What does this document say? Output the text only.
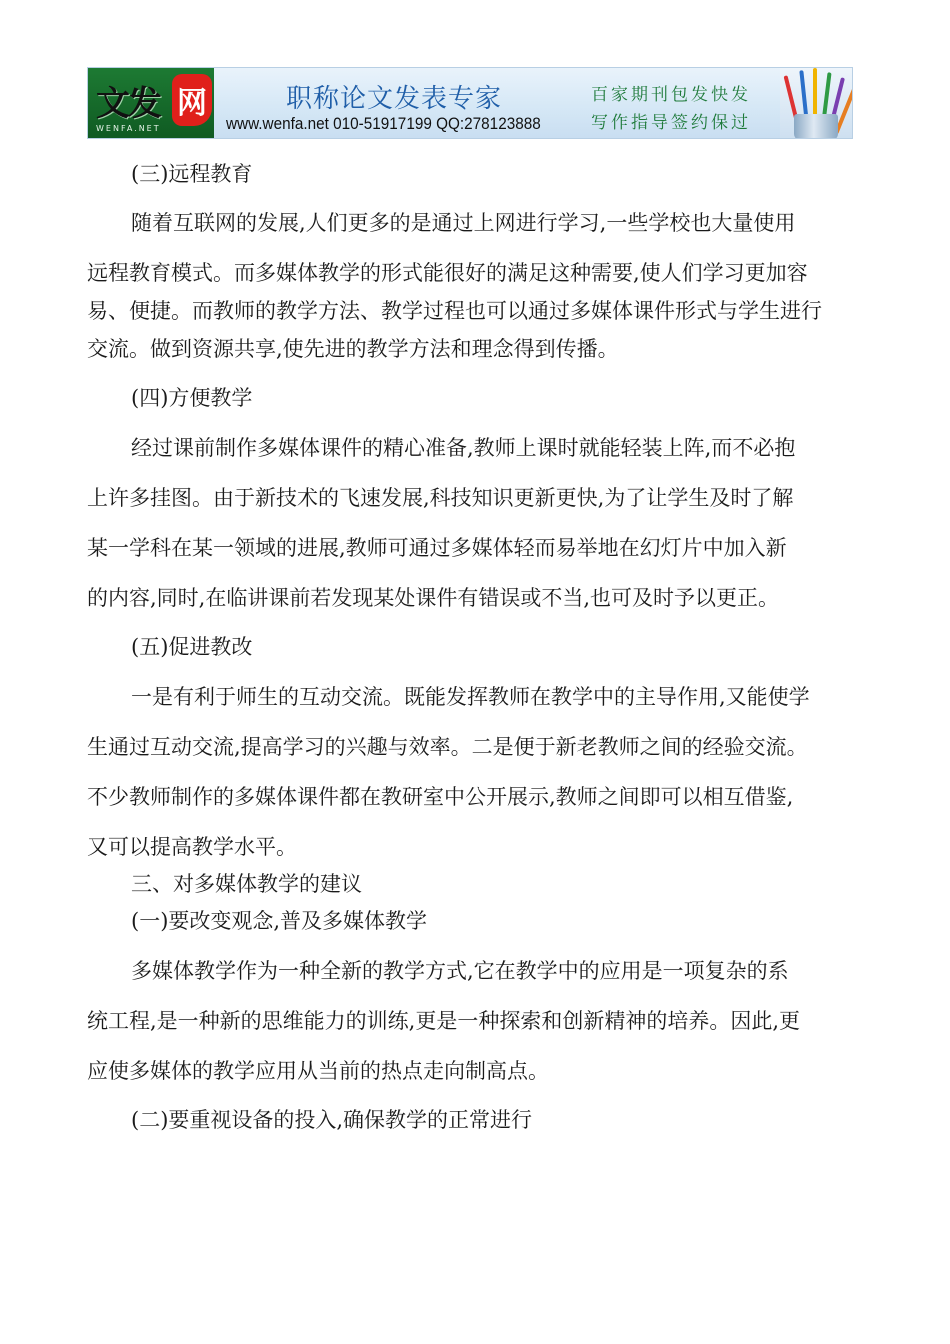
文发 网
WENFA.NET
职称论文发表专家
www.wenfa.net 010-51917199 QQ:278123888
百家期刊包发快发
写作指导签约保过

(三)远程教育

随着互联网的发展,人们更多的是通过上网进行学习,一些学校也大量使用

远程教育模式。而多媒体教学的形式能很好的满足这种需要,使人们学习更加容

易、便捷。而教师的教学方法、教学过程也可以通过多媒体课件形式与学生进行

交流。做到资源共享,使先进的教学方法和理念得到传播。

(四)方便教学

经过课前制作多媒体课件的精心准备,教师上课时就能轻装上阵,而不必抱

上许多挂图。由于新技术的飞速发展,科技知识更新更快,为了让学生及时了解

某一学科在某一领域的进展,教师可通过多媒体轻而易举地在幻灯片中加入新

的内容,同时,在临讲课前若发现某处课件有错误或不当,也可及时予以更正。

(五)促进教改

一是有利于师生的互动交流。既能发挥教师在教学中的主导作用,又能使学

生通过互动交流,提高学习的兴趣与效率。二是便于新老教师之间的经验交流。

不少教师制作的多媒体课件都在教研室中公开展示,教师之间即可以相互借鉴,

又可以提高教学水平。

三、对多媒体教学的建议

(一)要改变观念,普及多媒体教学

多媒体教学作为一种全新的教学方式,它在教学中的应用是一项复杂的系

统工程,是一种新的思维能力的训练,更是一种探索和创新精神的培养。因此,更

应使多媒体的教学应用从当前的热点走向制高点。

(二)要重视设备的投入,确保教学的正常进行
